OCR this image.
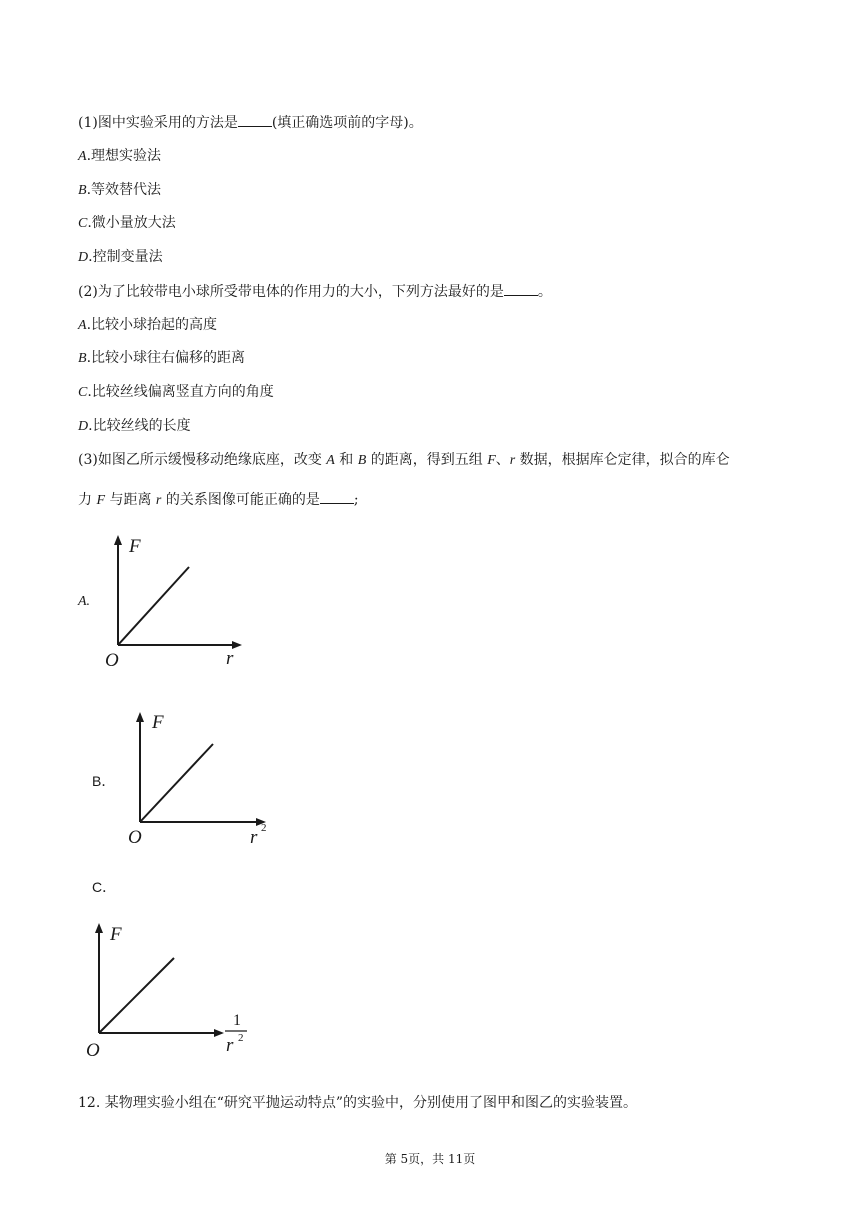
(1)图中实验采用的方法是 (填正确选项前的字母)。
A.理想实验法
B.等效替代法
C.微小量放大法
D.控制变量法
(2)为了比较带电小球所受带电体的作用力的大小，下列方法最好的是 。
A.比较小球抬起的高度
B.比较小球往右偏移的距离
C.比较丝线偏离竖直方向的角度
D.比较丝线的长度
(3)如图乙所示缓慢移动绝缘底座，改变 A 和 B 的距离，得到五组 F、r 数据，根据库仑定律，拟合的库仑
力 F 与距离 r 的关系图像可能正确的是 ;
A.
F
O	r
B．
F
O	r 2
C．
F
O
1
r 2
12. 某物理实验小组在“研究平抛运动特点”的实验中，分别使用了图甲和图乙的实验装置。
第 5页，共 11页
